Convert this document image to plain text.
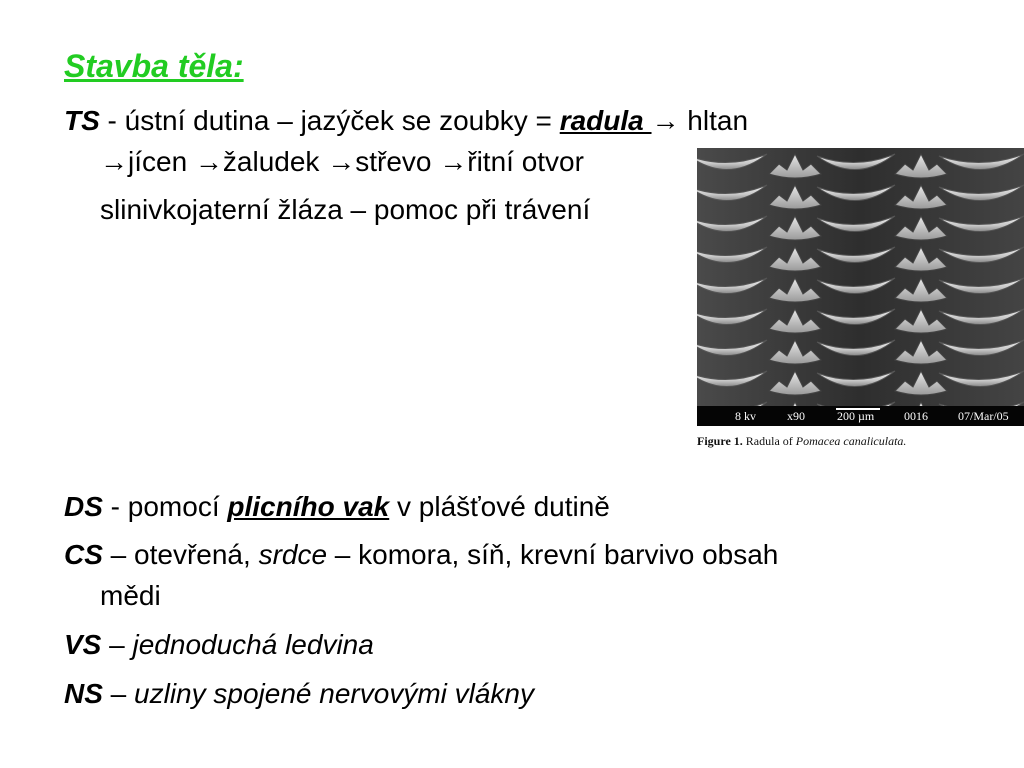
Stavba těla:
TS - ústní dutina – jazýček se zoubky = radula → hltan
→jícen →žaludek →střevo →řitní otvor
slinivkojaterní žláza – pomoc při trávení
8 kv	x90	200 µm 0016	07/Mar/05
Figure 1. Radula of Pomacea canaliculata.
DS - pomocí plicního vak v plášťové dutině
CS – otevřená, srdce – komora, síň, krevní barvivo obsah
mědi
VS – jednoduchá ledvina
NS – uzliny spojené nervovými vlákny
